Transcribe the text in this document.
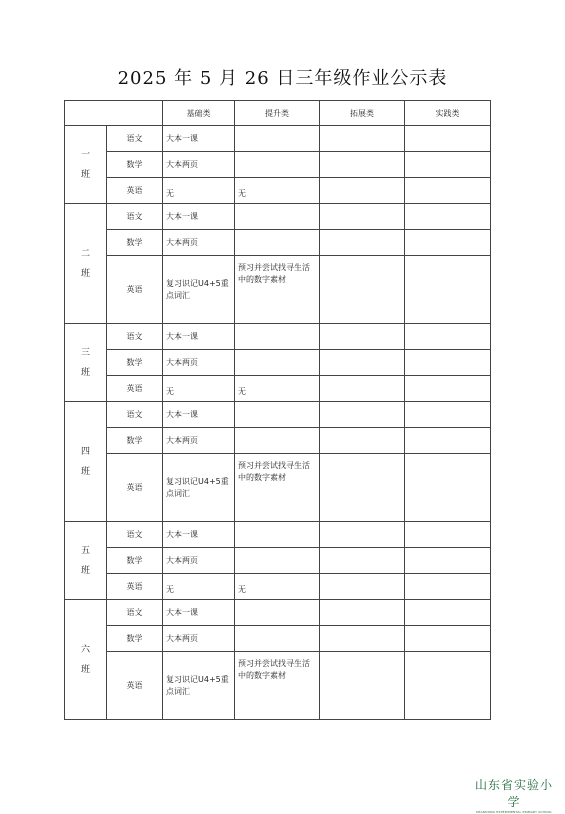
2025 年 5 月 26 日三年级作业公示表
		基础类	提升类	拓展类	实践类
一
班	语文	大本一课			
	数学	大本两页			
	英语	无	无		
二
班	语文	大本一课			
	数学	大本两页			
	英语	复习识记U4+5重点词汇	预习并尝试找寻生活中的数字素材		
三
班	语文	大本一课			
	数学	大本两页			
	英语	无	无		
四
班	语文	大本一课			
	数学	大本两页			
	英语	复习识记U4+5重点词汇	预习并尝试找寻生活中的数字素材		
五
班	语文	大本一课			
	数学	大本两页			
	英语	无	无		
六
班	语文	大本一课			
	数学	大本两页			
	英语	复习识记U4+5重点词汇	预习并尝试找寻生活中的数字素材		
山东省实验小学
SHANDONG EXPERIMENTAL PRIMARY SCHOOL
